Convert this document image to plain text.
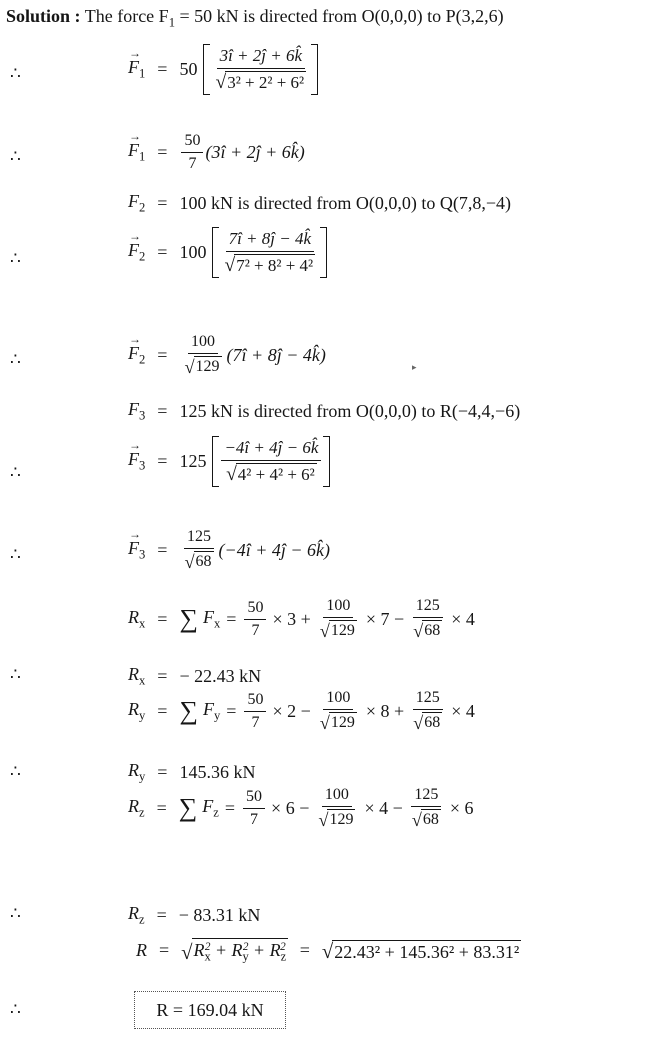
Solution : The force $F_1 = 50$ kN is directed from O(0,0,0) to P(3,2,6)
∴
→
$F_1 = 50 \frac{3î + 2ĵ + 6k̂}{\text{√ 3² + 2² + 6²}}$
∴
→
$F_1 = \frac{50}{7}$ (3î + 2ĵ + 6k̂)
$F_2 = 100$ kN is directed from O(0,0,0) to Q(7,8,−4)
∴
→
$F_2 = 100 \frac{7î + 8ĵ - 4k̂}{\text{√ 7² + 8² + 4²}}$
∴
→
$F_2 = \frac{100}{√ 129}$ (7î + 8ĵ − 4k̂)
▸
$F_3 = 125$ kN is directed from O(0,0,0) to R(−4,4,−6)
∴
→
$F_3 = 125 \frac{-4î + 4ĵ - 6k̂}{\text{√ 4² + 4² + 6²}}$
∴
→
$F_3 = \frac{125}{√ 68}$ (−4î + 4ĵ − 6k̂)
$R_x$ = ∑ $F_x = \frac{50}{7} \times 3 + \frac{100}{√ 129} \times 7 - \frac{125}{√ 68} \times 4$
∴	$R_x$ = − 22.43 kN
$R_y$ = ∑ $F_y = \frac{50}{7} \times 2 - \frac{100}{√ 129} \times 8 + \frac{125}{√ 68} \times 4$
∴	$R_y = 145.36$ kN
$R_z$ = ∑ $F_z = \frac{50}{7} \times 6 - \frac{100}{√ 129} \times 4 - \frac{125}{√ 68} \times 6$
∴	$R_z$ = − 83.31 kN
R = √ $R_x^2 + R_y^2 + R_z^2$ = √ 22.43² + 145.36² + 83.31²
∴	R = 169.04 kN
